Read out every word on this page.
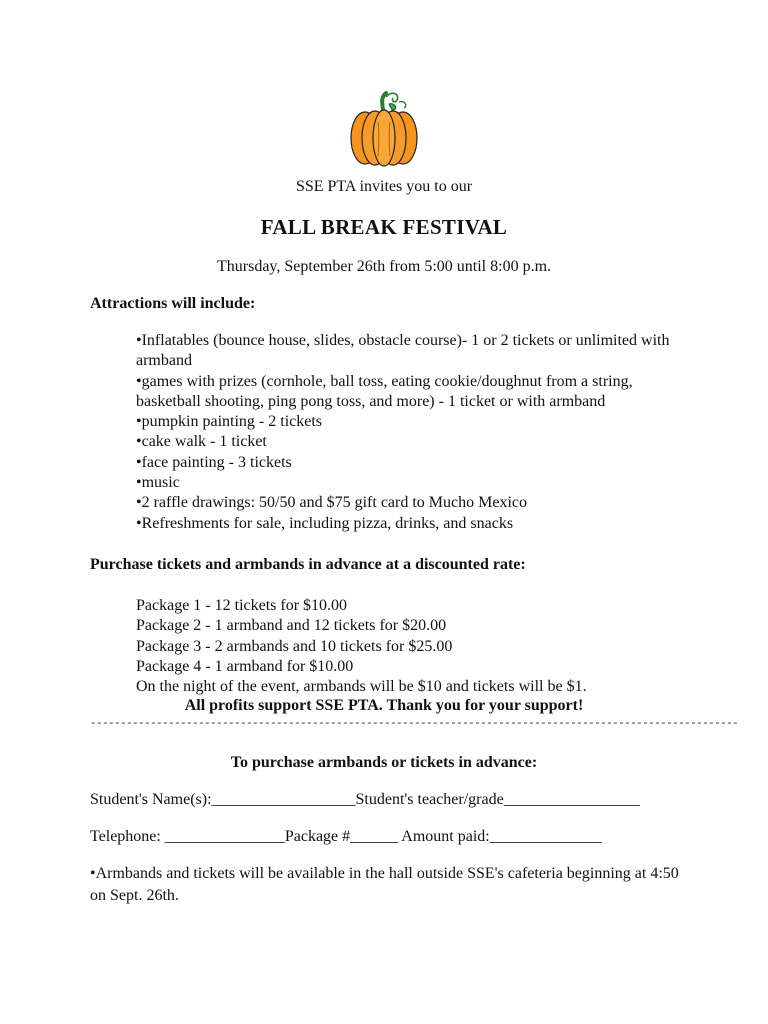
SSE PTA invites you to our
FALL BREAK FESTIVAL
Thursday, September 26th from 5:00 until 8:00 p.m.
Attractions will include:
•Inflatables (bounce house, slides, obstacle course)- 1 or 2 tickets or unlimited with armband
•games with prizes (cornhole, ball toss, eating cookie/doughnut from a string, basketball shooting, ping pong toss, and more) - 1 ticket or with armband
•pumpkin painting - 2 tickets
•cake walk - 1 ticket
•face painting - 3 tickets
•music
•2 raffle drawings: 50/50 and $75 gift card to Mucho Mexico
•Refreshments for sale, including pizza, drinks, and snacks
Purchase tickets and armbands in advance at a discounted rate:
Package 1 - 12 tickets for $10.00
Package 2 - 1 armband and 12 tickets for $20.00
Package 3 - 2 armbands and 10 tickets for $25.00
Package 4 - 1 armband for $10.00
On the night of the event, armbands will be $10 and tickets will be $1.
All profits support SSE PTA. Thank you for your support!
------------------------------------------------------------------------------------------------------------
To purchase armbands or tickets in advance:
Student's Name(s):__________________Student's teacher/grade_________________
Telephone: _______________Package #______ Amount paid:______________
•Armbands and tickets will be available in the hall outside SSE's cafeteria beginning at 4:50 on Sept. 26th.
